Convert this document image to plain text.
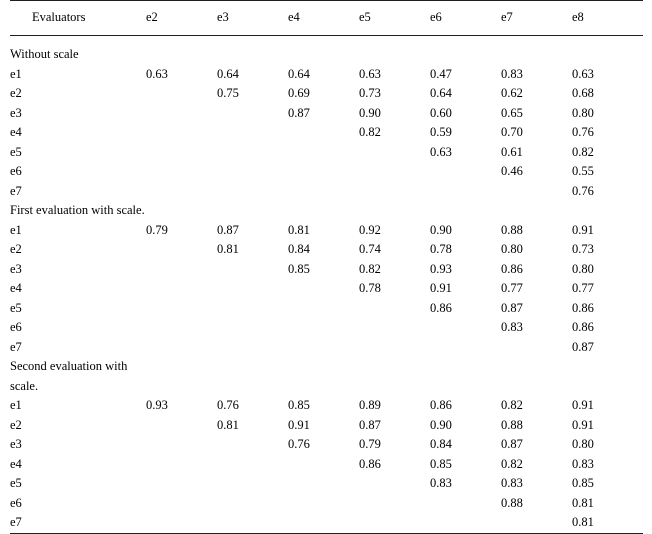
Evaluators	e2	e3	e4	e5	e6	e7	e8

Without scale							
e1	0.63	0.64	0.64	0.63	0.47	0.83	0.63
e2		0.75	0.69	0.73	0.64	0.62	0.68
e3			0.87	0.90	0.60	0.65	0.80
e4				0.82	0.59	0.70	0.76
e5					0.63	0.61	0.82
e6						0.46	0.55
e7							0.76
First evaluation with scale.							
e1	0.79	0.87	0.81	0.92	0.90	0.88	0.91
e2		0.81	0.84	0.74	0.78	0.80	0.73
e3			0.85	0.82	0.93	0.86	0.80
e4				0.78	0.91	0.77	0.77
e5					0.86	0.87	0.86
e6						0.83	0.86
e7							0.87
Second evaluation with scale.							
e1	0.93	0.76	0.85	0.89	0.86	0.82	0.91
e2		0.81	0.91	0.87	0.90	0.88	0.91
e3			0.76	0.79	0.84	0.87	0.80
e4				0.86	0.85	0.82	0.83
e5					0.83	0.83	0.85
e6						0.88	0.81
e7							0.81
